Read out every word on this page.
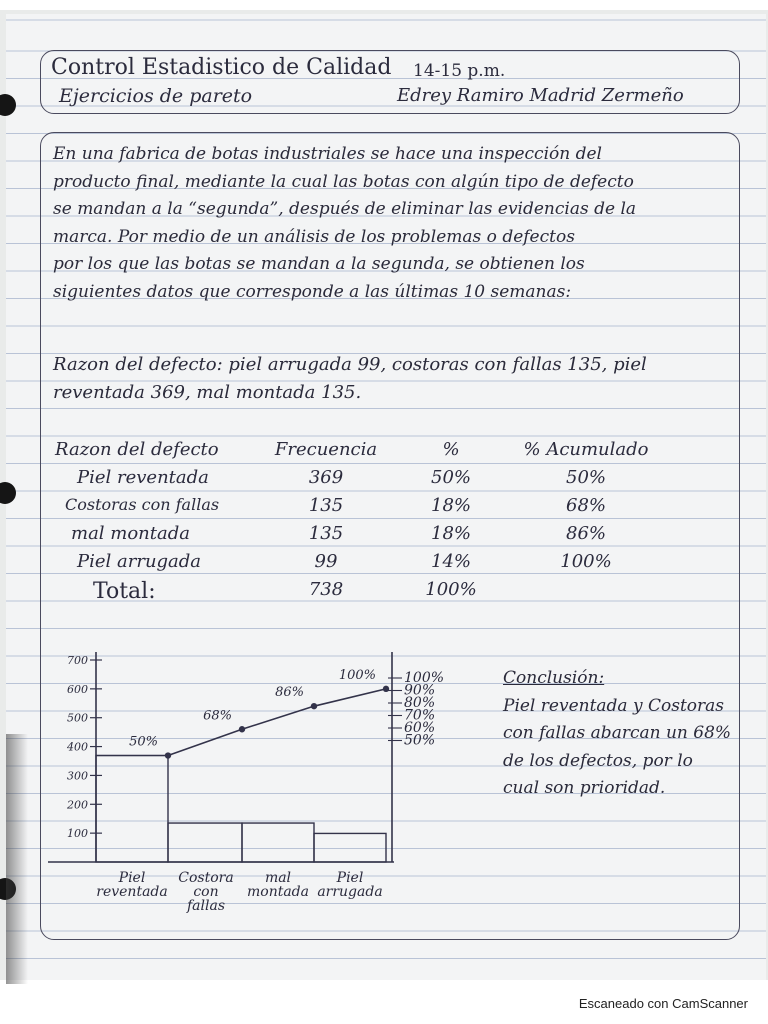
Control Estadistico de Calidad 14-15 p.m.
Ejercicios de pareto	Edrey Ramiro Madrid Zermeño
En una fabrica de botas industriales se hace una inspección del
producto final, mediante la cual las botas con algún tipo de defecto
se mandan a la “segunda”, después de eliminar las evidencias de la
marca. Por medio de un análisis de los problemas o defectos
por los que las botas se mandan a la segunda, se obtienen los
siguientes datos que corresponde a las últimas 10 semanas:
Razon del defecto: piel arrugada 99, costoras con fallas 135, piel
reventada 369, mal montada 135.
Razon del defecto	Frecuencia	%	% Acumulado
Piel reventada	369	50%	50%
Costoras con fallas	135	18%	68%
mal montada	135	18%	86%
Piel arrugada	99	14%	100%
Total:	738	100%
Conclusión:
Piel reventada y Costoras
con fallas abarcan un 68%
de los defectos, por lo
cual son prioridad.
100
200
300
400
500
600
700
100%
90%
80%
70%
60%
50%
50%
68%
86%
100%
Piel
reventada
Costora
con
fallas
mal
montada
Piel
arrugada
Escaneado con CamScanner
